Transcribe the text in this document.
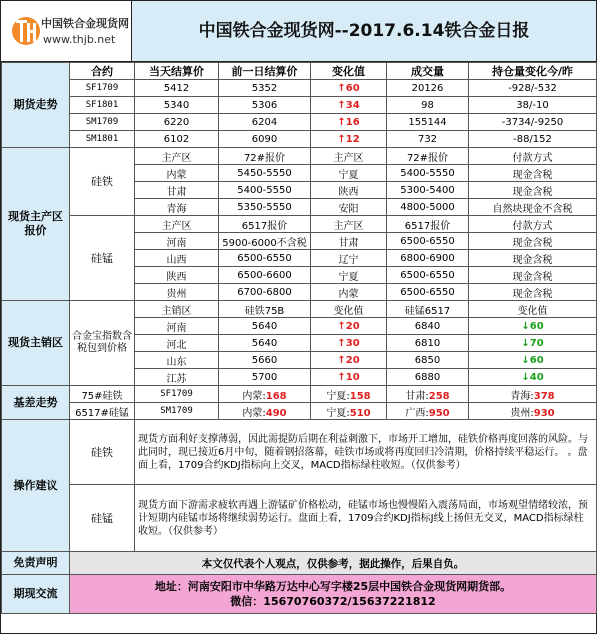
中国铁合金现货网
www.thjb.net	中国铁合金现货网--2017.6.14铁合金日报
期货走势	合约	当天结算价	前一日结算价	变化值	成交量	持仓量变化今/昨
	SF1709	5412	5352	↑60	20126	-928/-532
	SF1801	5340	5306	↑34	98	38/-10
	SM1709	6220	6204	↑16	155144	-3734/-9250
	SM1801	6102	6090	↑12	732	-88/152
现货主产区报价	硅铁	主产区	72#报价	主产区	72#报价	付款方式
		内蒙	5450-5550	宁夏	5400-5550	现金含税
		甘肃	5400-5550	陕西	5300-5400	现金含税
		青海	5350-5550	安阳	4800-5000	自然块现金不含税
	硅锰	主产区	6517报价	主产区	6517报价	付款方式
		河南	5900-6000不含税	甘肃	6500-6550	现金含税
		山西	6500-6550	辽宁	6800-6900	现金含税
		陕西	6500-6600	宁夏	6500-6550	现金含税
		贵州	6700-6800	内蒙	6500-6550	现金含税
现货主销区	合金宝指数含税包到价格	主销区	硅铁75B	变化值	硅锰6517	变化值
		河南	5640	↑20	6840	↓60
		河北	5640	↑30	6810	↓70
		山东	5660	↑20	6850	↓60
		江苏	5700	↑10	6880	↓40
基差走势	75#硅铁	SF1709	内蒙:168	宁夏:158	甘肃:258	青海:378
	6517#硅锰	SM1709	内蒙:490	宁夏:510	广西:950	贵州:930
操作建议	硅铁	现货方面利好支撑薄弱，因此需提防后期在利益刺激下，市场开工增加，硅铁价格再度回落的风险。与此同时，现已接近6月中旬，随着钢招落幕，硅铁市场或将再度回归冷清期，价格持续平稳运行。 。盘面上看，1709合约KDJ指标向上交叉，MACD指标绿柱收短。（仅供参考）				
	硅锰	现货方面下游需求疲软再遇上游锰矿价格松动，硅锰市场也慢慢陷入震荡局面，市场观望情绪较浓，预计短期内硅锰市场将继续弱势运行。盘面上看，1709合约KDJ指标J线上扬但无交叉，MACD指标绿柱收短。（仅供参考）				
免责声明	本文仅代表个人观点，仅供参考，据此操作，后果自负。					
期现交流	地址：河南安阳市中华路万达中心写字楼25层中国铁合金现货网期货部。
微信：15670760372/15637221812					
